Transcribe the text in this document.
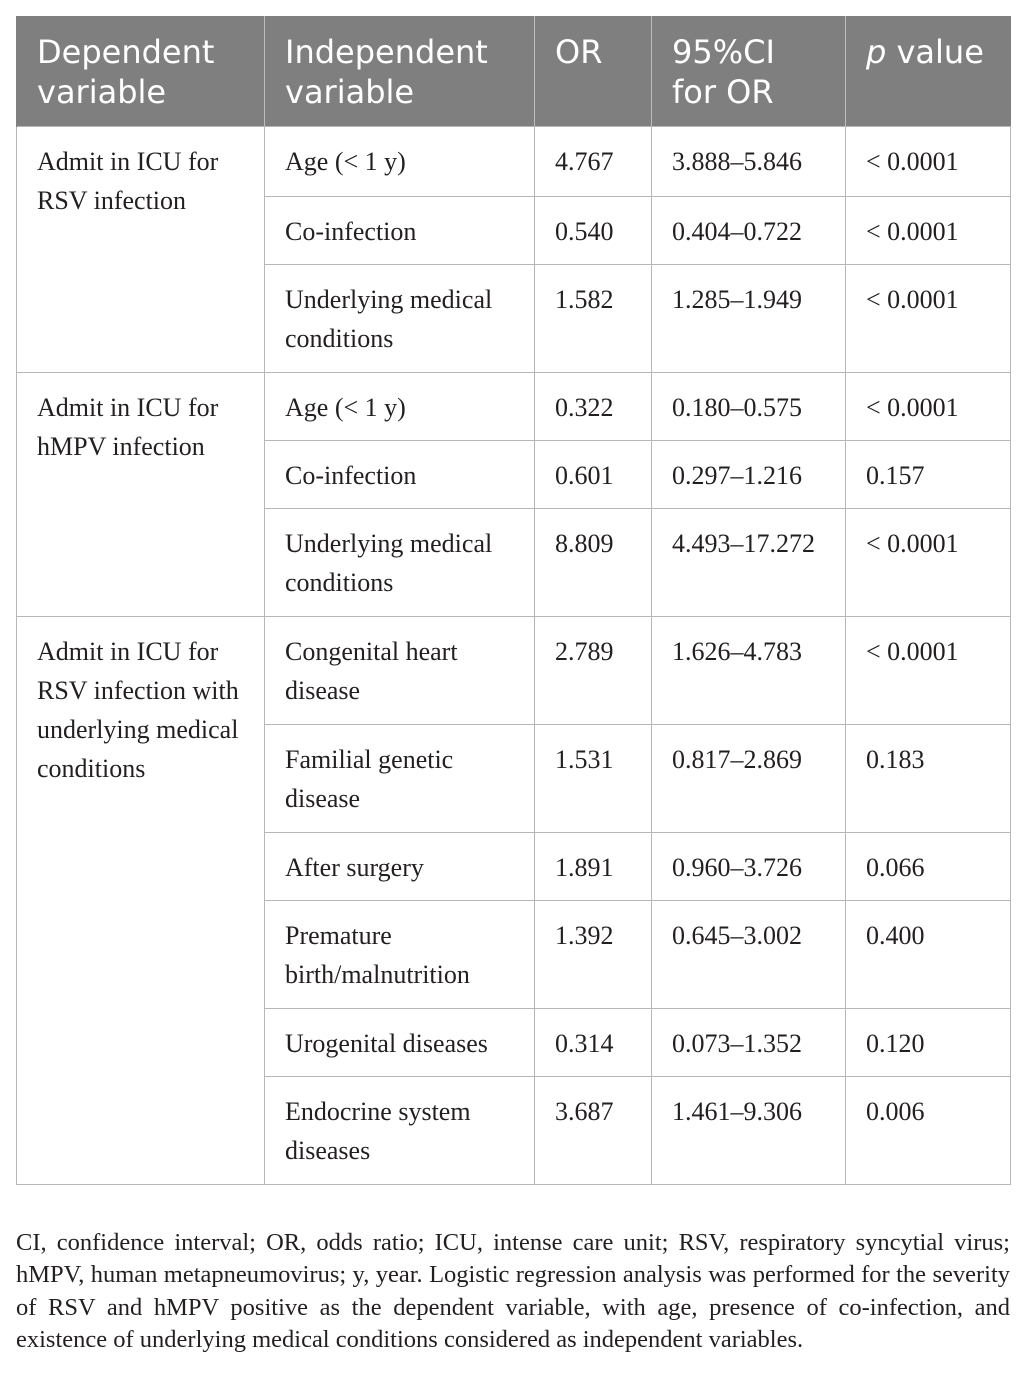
Dependent variable	Independent variable	OR	95%CI for OR	p value
Admit in ICU for RSV infection	Age (< 1 y)	4.767	3.888–5.846	< 0.0001
	Co-infection	0.540	0.404–0.722	< 0.0001
	Underlying medical conditions	1.582	1.285–1.949	< 0.0001
Admit in ICU for hMPV infection	Age (< 1 y)	0.322	0.180–0.575	< 0.0001
	Co-infection	0.601	0.297–1.216	0.157
	Underlying medical conditions	8.809	4.493–17.272	< 0.0001
Admit in ICU for RSV infection with underlying medical conditions	Congenital heart disease	2.789	1.626–4.783	< 0.0001
	Familial genetic disease	1.531	0.817–2.869	0.183
	After surgery	1.891	0.960–3.726	0.066
	Premature birth/malnutrition	1.392	0.645–3.002	0.400
	Urogenital diseases	0.314	0.073–1.352	0.120
	Endocrine system diseases	3.687	1.461–9.306	0.006

CI, confidence interval; OR, odds ratio; ICU, intense care unit; RSV, respiratory syncytial virus; hMPV, human metapneumovirus; y, year. Logistic regression analysis was performed for the severity of RSV and hMPV positive as the dependent variable, with age, presence of co-infection, and existence of underlying medical conditions considered as independent variables.
